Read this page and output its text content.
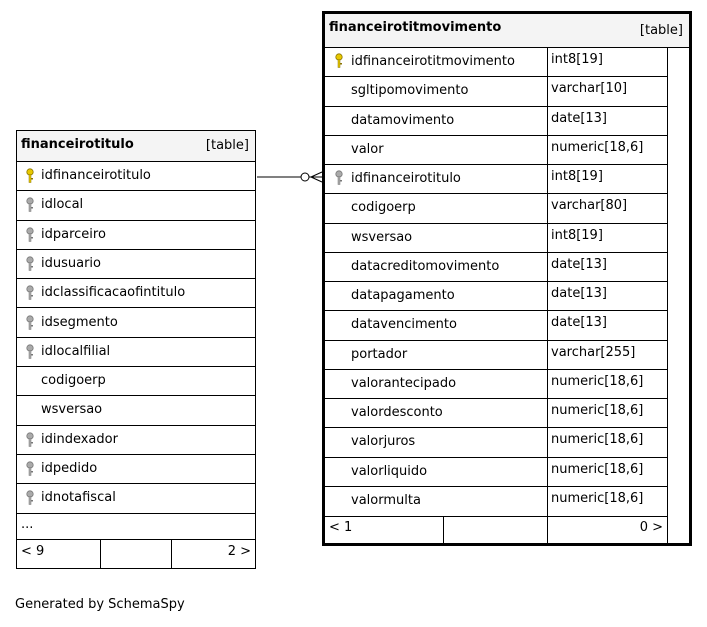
financeirotitulo	[table]
idfinanceirotitulo
idlocal
idparceiro
idusuario
idclassificacaofintitulo
idsegmento
idlocalfilial
codigoerp
wsversao
idindexador
idpedido
idnotafiscal
...
< 9	2 >
financeirotitmovimento	[table]
idfinanceirotitmovimento	int8[19]
sgltipomovimento	varchar[10]
datamovimento	date[13]
valor	numeric[18,6]
idfinanceirotitulo	int8[19]
codigoerp	varchar[80]
wsversao	int8[19]
datacreditomovimento	date[13]
datapagamento	date[13]
datavencimento	date[13]
portador	varchar[255]
valorantecipado	numeric[18,6]
valordesconto	numeric[18,6]
valorjuros	numeric[18,6]
valorliquido	numeric[18,6]
valormulta	numeric[18,6]
< 1	0 >
Generated by SchemaSpy
